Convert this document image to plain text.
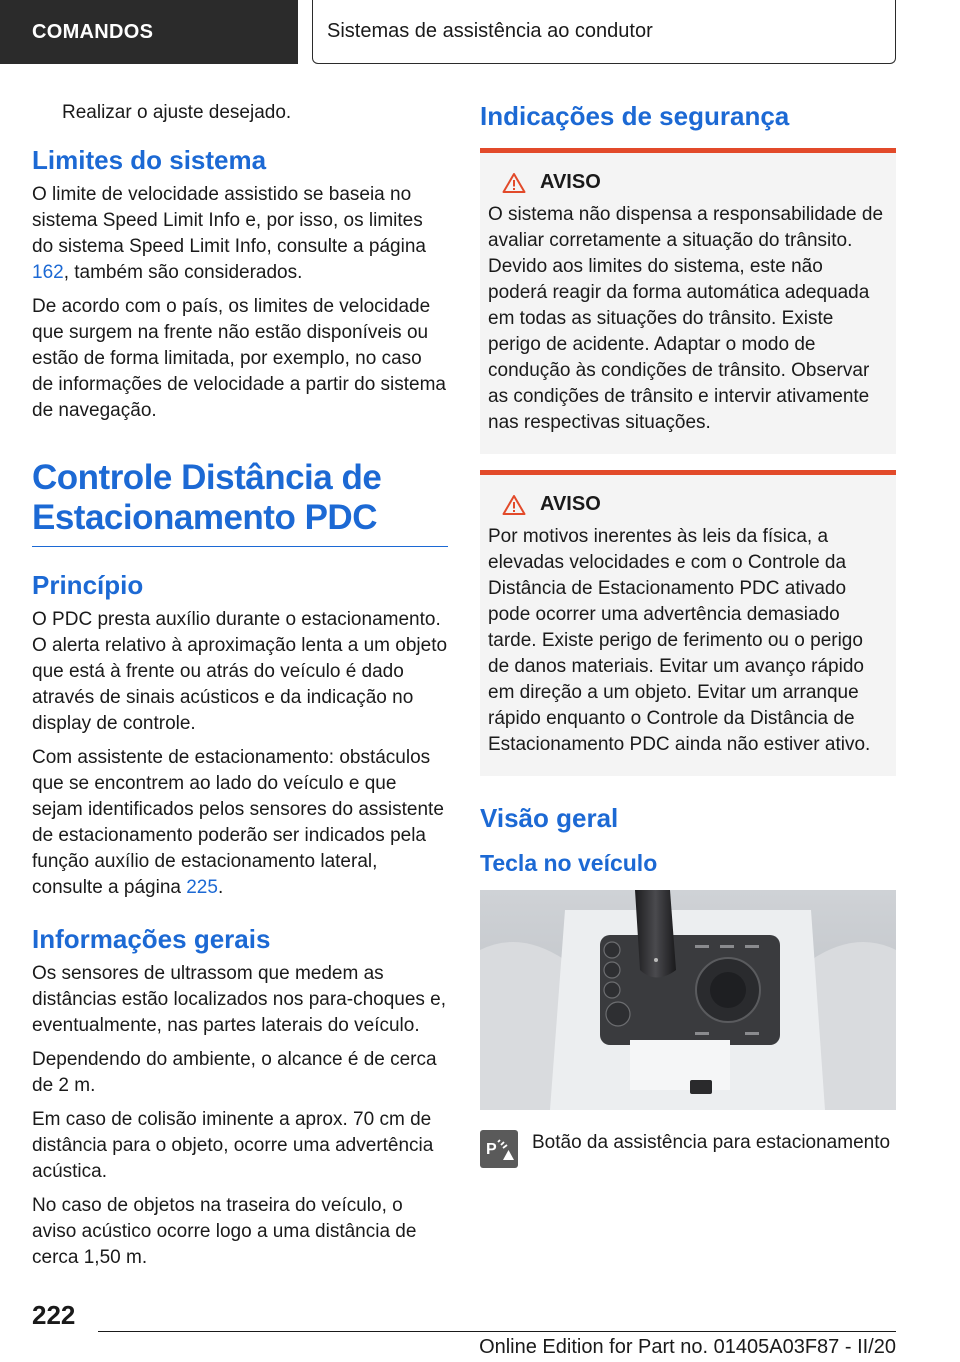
COMANDOS	Sistemas de assistência ao condutor

Realizar o ajuste desejado.

Limites do sistema

O limite de velocidade assistido se baseia no sistema Speed Limit Info e, por isso, os limites do sistema Speed Limit Info, consulte a página 162, também são considerados.

De acordo com o país, os limites de velocidade que surgem na frente não estão disponíveis ou estão de forma limitada, por exemplo, no caso de informações de velocidade a partir do sistema de navegação.

Controle Distância de Estacionamento PDC
Princípio

O PDC presta auxílio durante o estacionamento. O alerta relativo à aproximação lenta a um objeto que está à frente ou atrás do veículo é dado através de sinais acústicos e da indicação no display de controle.

Com assistente de estacionamento: obstáculos que se encontrem ao lado do veículo e que sejam identificados pelos sensores do assistente de estacionamento poderão ser indicados pela função auxílio de estacionamento lateral, consulte a página 225.

Informações gerais

Os sensores de ultrassom que medem as distâncias estão localizados nos para-choques e, eventualmente, nas partes laterais do veículo.

Dependendo do ambiente, o alcance é de cerca de 2 m.

Em caso de colisão iminente a aprox. 70 cm de distância para o objeto, ocorre uma advertência acústica.

No caso de objetos na traseira do veículo, o aviso acústico ocorre logo a uma distância de cerca 1,50 m.

Indicações de segurança
AVISO

O sistema não dispensa a responsabilidade de avaliar corretamente a situação do trânsito. Devido aos limites do sistema, este não poderá reagir da forma automática adequada em todas as situações do trânsito. Existe perigo de acidente. Adaptar o modo de condução às condições de trânsito. Observar as condições de trânsito e intervir ativamente nas respectivas situações.

AVISO

Por motivos inerentes às leis da física, a elevadas velocidades e com o Controle da Distância de Estacionamento PDC ativado pode ocorrer uma advertência demasiado tarde. Existe perigo de ferimento ou o perigo de danos materiais. Evitar um avanço rápido em direção a um objeto. Evitar um arranque rápido enquanto o Controle da Distância de Estacionamento PDC ainda não estiver ativo.

Visão geral
Tecla no veículo
P Botão da assistência para estacionamento

222
Online Edition for Part no. 01405A03F87 - II/20
